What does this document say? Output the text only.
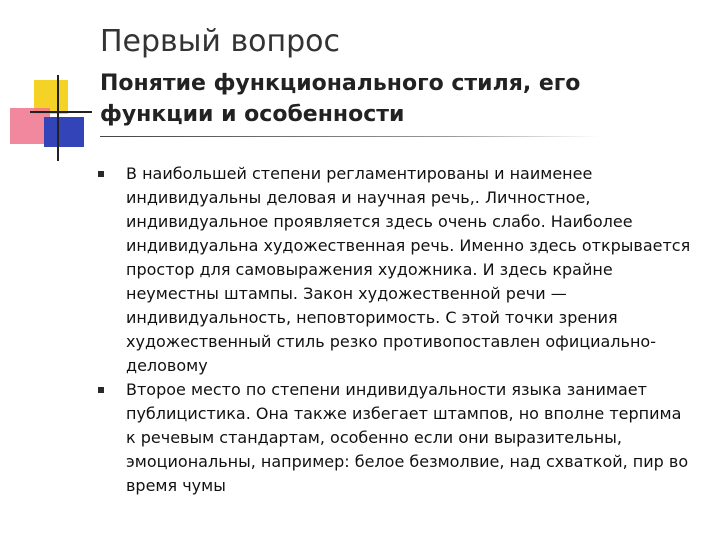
Первый вопрос
Понятие функционального стиля, его функции и особенности
В наибольшей степени регламентированы и наименее индивидуальны деловая и научная речь,. Личностное, индивидуальное проявляется здесь очень слабо. Наиболее индивидуальна художественная речь. Именно здесь открывается простор для самовыражения художника. И здесь крайне неуместны штампы. Закон художественной речи — индивидуальность, неповторимость. С этой точки зрения художественный стиль резко противопоставлен официально-деловому
Второе место по степени индивидуальности языка занимает публицистика. Она также избегает штампов, но вполне терпима к речевым стандартам, особенно если они выразительны, эмоциональны, например: белое безмолвие, над схваткой, пир во время чумы
